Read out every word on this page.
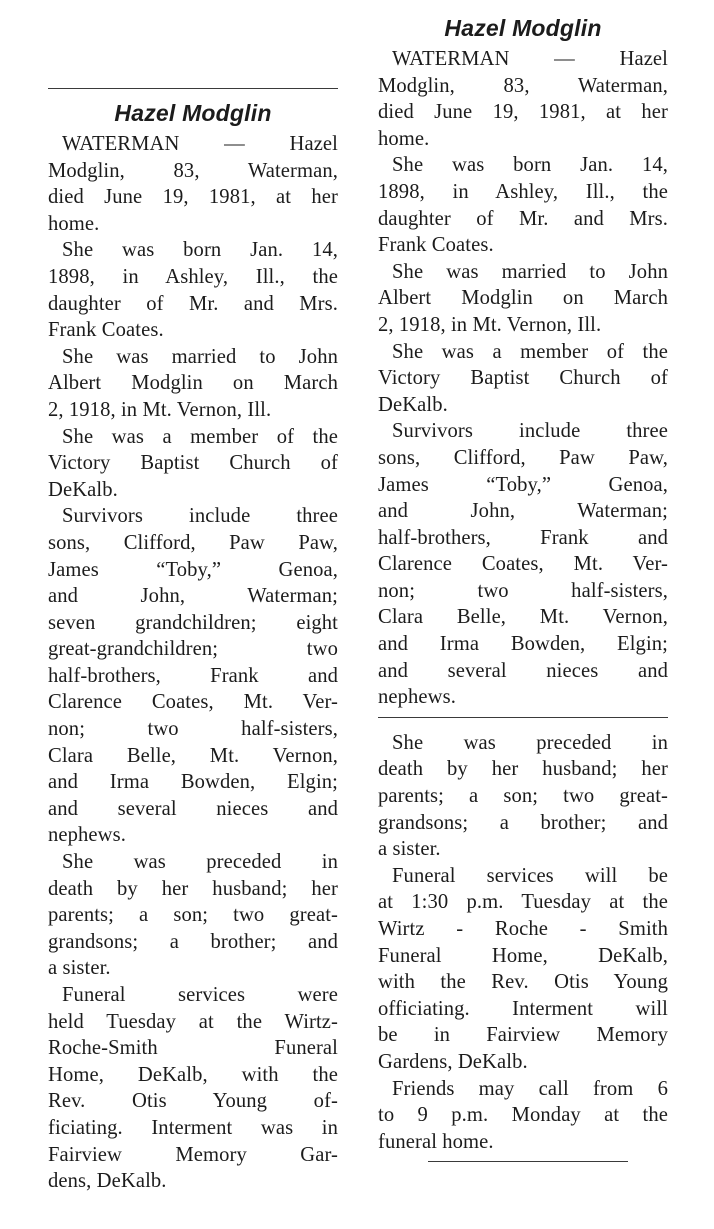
Hazel Modglin
WATERMAN — Hazel
Modglin, 83, Waterman,
died June 19, 1981, at her
home.
She was born Jan. 14,
1898, in Ashley, Ill., the
daughter of Mr. and Mrs.
Frank Coates.
She was married to John
Albert Modglin on March
2, 1918, in Mt. Vernon, Ill.
She was a member of the
Victory Baptist Church of
DeKalb.
Survivors include three
sons, Clifford, Paw Paw,
James “Toby,” Genoa,
and John, Waterman;
seven grandchildren; eight
great-grandchildren; two
half-brothers, Frank and
Clarence Coates, Mt. Ver-
non; two half-sisters,
Clara Belle, Mt. Vernon,
and Irma Bowden, Elgin;
and several nieces and
nephews.
She was preceded in
death by her husband; her
parents; a son; two great-
grandsons; a brother; and
a sister.
Funeral services were
held Tuesday at the Wirtz-
Roche-Smith Funeral
Home, DeKalb, with the
Rev. Otis Young of-
ficiating. Interment was in
Fairview Memory Gar-
dens, DeKalb.
Hazel Modglin
WATERMAN — Hazel
Modglin, 83, Waterman,
died June 19, 1981, at her
home.
She was born Jan. 14,
1898, in Ashley, Ill., the
daughter of Mr. and Mrs.
Frank Coates.
She was married to John
Albert Modglin on March
2, 1918, in Mt. Vernon, Ill.
She was a member of the
Victory Baptist Church of
DeKalb.
Survivors include three
sons, Clifford, Paw Paw,
James “Toby,” Genoa,
and John, Waterman;
half-brothers, Frank and
Clarence Coates, Mt. Ver-
non; two half-sisters,
Clara Belle, Mt. Vernon,
and Irma Bowden, Elgin;
and several nieces and
nephews.
She was preceded in
death by her husband; her
parents; a son; two great-
grandsons; a brother; and
a sister.
Funeral services will be
at 1:30 p.m. Tuesday at the
Wirtz - Roche - Smith
Funeral Home, DeKalb,
with the Rev. Otis Young
officiating. Interment will
be in Fairview Memory
Gardens, DeKalb.
Friends may call from 6
to 9 p.m. Monday at the
funeral home.
